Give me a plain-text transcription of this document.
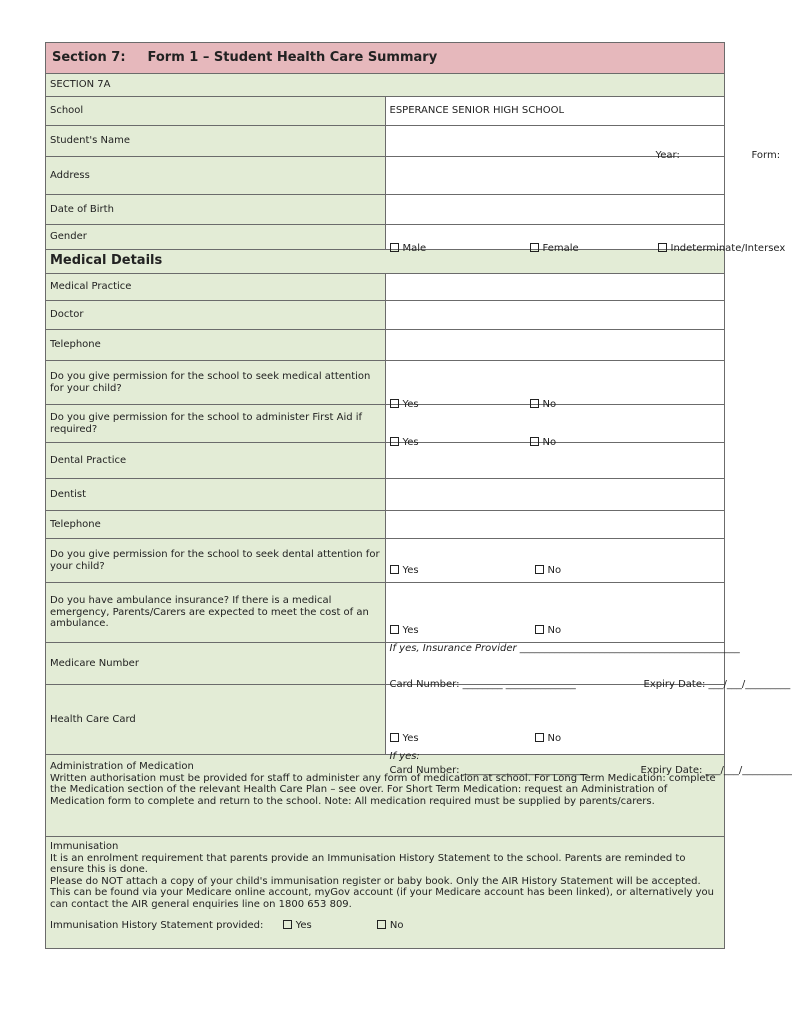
Section 7: Form 1 – Student Health Care Summary	
SECTION 7A	
School	ESPERANCE SENIOR HIGH SCHOOL
Student's Name	Year: Form:

Address	
Date of Birth	
Gender	Male Female Indeterminate/Intersex

Medical Details	
Medical Practice	
Doctor	
Telephone	
Do you give permission for the school to seek medical attention for your child?	Yes No

Do you give permission for the school to administer First Aid if required?	Yes No

Dental Practice	
Dentist	
Telephone	
Do you give permission for the school to seek dental attention for your child?	Yes No

Do you have ambulance insurance? If there is a medical emergency, Parents/Carers are expected to meet the cost of an ambulance.	Yes No
If yes, Insurance Provider ____________________________________________

Medicare Number	Card Number: ________ ______________ Expiry Date: ___/___/_________

Health Care Card	Yes No
If yes:
Card Number: _________________________ Expiry Date: ___/___/__________

Administration of Medication

Written authorisation must be provided for staff to administer any form of medication at school. For Long Term Medication: complete the Medication section of the relevant Health Care Plan – see over. For Short Term Medication: request an Administration of Medication form to complete and return to the school. Note: All medication required must be supplied by parents/carers.	

Immunisation

It is an enrolment requirement that parents provide an Immunisation History Statement to the school. Parents are reminded to ensure this is done.

Please do NOT attach a copy of your child's immunisation register or baby book. Only the AIR History Statement will be accepted. This can be found via your Medicare online account, myGov account (if your Medicare account has been linked), or alternatively you can contact the AIR general enquiries line on 1800 653 809.

Immunisation History Statement provided: Yes No	
